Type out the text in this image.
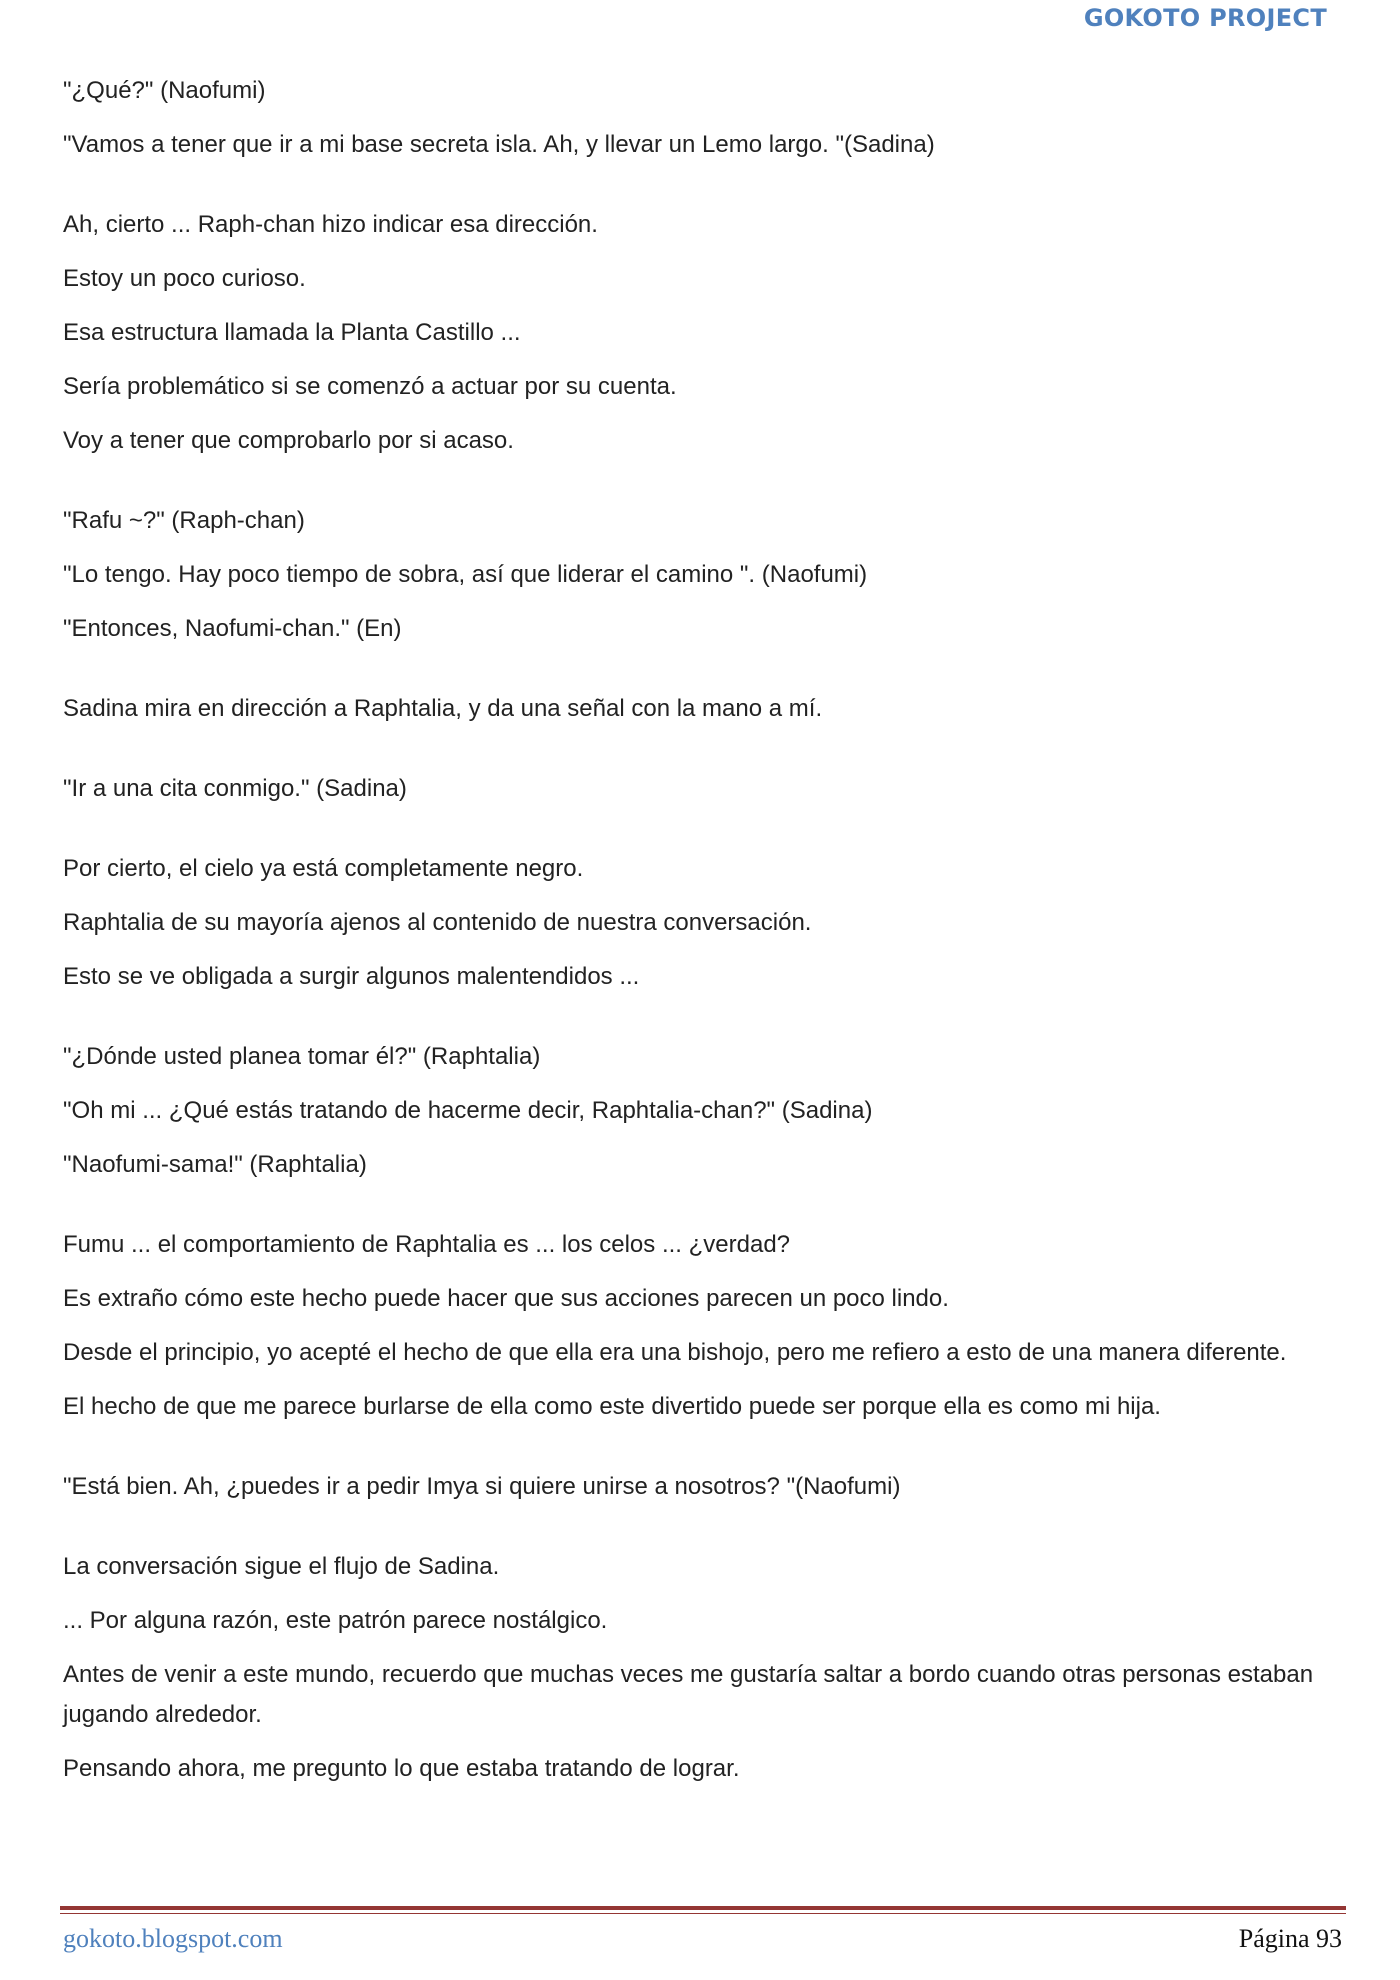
GOKOTO PROJECT

"¿Qué?" (Naofumi)

"Vamos a tener que ir a mi base secreta isla. Ah, y llevar un Lemo largo. "(Sadina)

Ah, cierto ... Raph-chan hizo indicar esa dirección.

Estoy un poco curioso.

Esa estructura llamada la Planta Castillo ...

Sería problemático si se comenzó a actuar por su cuenta.

Voy a tener que comprobarlo por si acaso.

"Rafu ~?" (Raph-chan)

"Lo tengo. Hay poco tiempo de sobra, así que liderar el camino ". (Naofumi)

"Entonces, Naofumi-chan." (En)

Sadina mira en dirección a Raphtalia, y da una señal con la mano a mí.

"Ir a una cita conmigo." (Sadina)

Por cierto, el cielo ya está completamente negro.

Raphtalia de su mayoría ajenos al contenido de nuestra conversación.

Esto se ve obligada a surgir algunos malentendidos ...

"¿Dónde usted planea tomar él?" (Raphtalia)

"Oh mi ... ¿Qué estás tratando de hacerme decir, Raphtalia-chan?" (Sadina)

"Naofumi-sama!" (Raphtalia)

Fumu ... el comportamiento de Raphtalia es ... los celos ... ¿verdad?

Es extraño cómo este hecho puede hacer que sus acciones parecen un poco lindo.

Desde el principio, yo acepté el hecho de que ella era una bishojo, pero me refiero a esto de una manera diferente.

El hecho de que me parece burlarse de ella como este divertido puede ser porque ella es como mi hija.

"Está bien. Ah, ¿puedes ir a pedir Imya si quiere unirse a nosotros? "(Naofumi)

La conversación sigue el flujo de Sadina.

... Por alguna razón, este patrón parece nostálgico.

Antes de venir a este mundo, recuerdo que muchas veces me gustaría saltar a bordo cuando otras personas estaban jugando alrededor.

Pensando ahora, me pregunto lo que estaba tratando de lograr.

gokoto.blogspot.com	Página 93
